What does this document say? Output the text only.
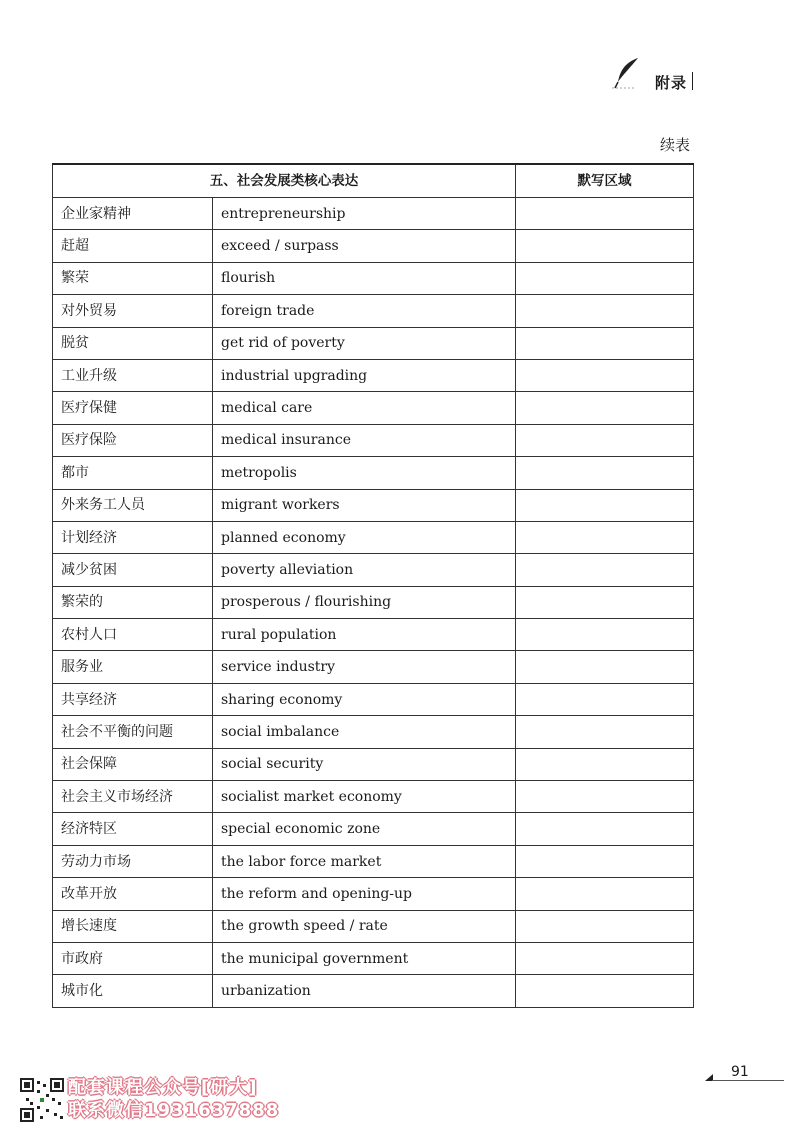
附录
续表
五、社会发展类核心表达		默写区域
企业家精神	entrepreneurship	
赶超	exceed / surpass	
繁荣	flourish	
对外贸易	foreign trade	
脱贫	get rid of poverty	
工业升级	industrial upgrading	
医疗保健	medical care	
医疗保险	medical insurance	
都市	metropolis	
外来务工人员	migrant workers	
计划经济	planned economy	
减少贫困	poverty alleviation	
繁荣的	prosperous / flourishing	
农村人口	rural population	
服务业	service industry	
共享经济	sharing economy	
社会不平衡的问题	social imbalance	
社会保障	social security	
社会主义市场经济	socialist market economy	
经济特区	special economic zone	
劳动力市场	the labor force market	
改革开放	the reform and opening-up	
增长速度	the growth speed / rate	
市政府	the municipal government	
城市化	urbanization	
91
配套课程公众号[研大]
联系微信1931637888
